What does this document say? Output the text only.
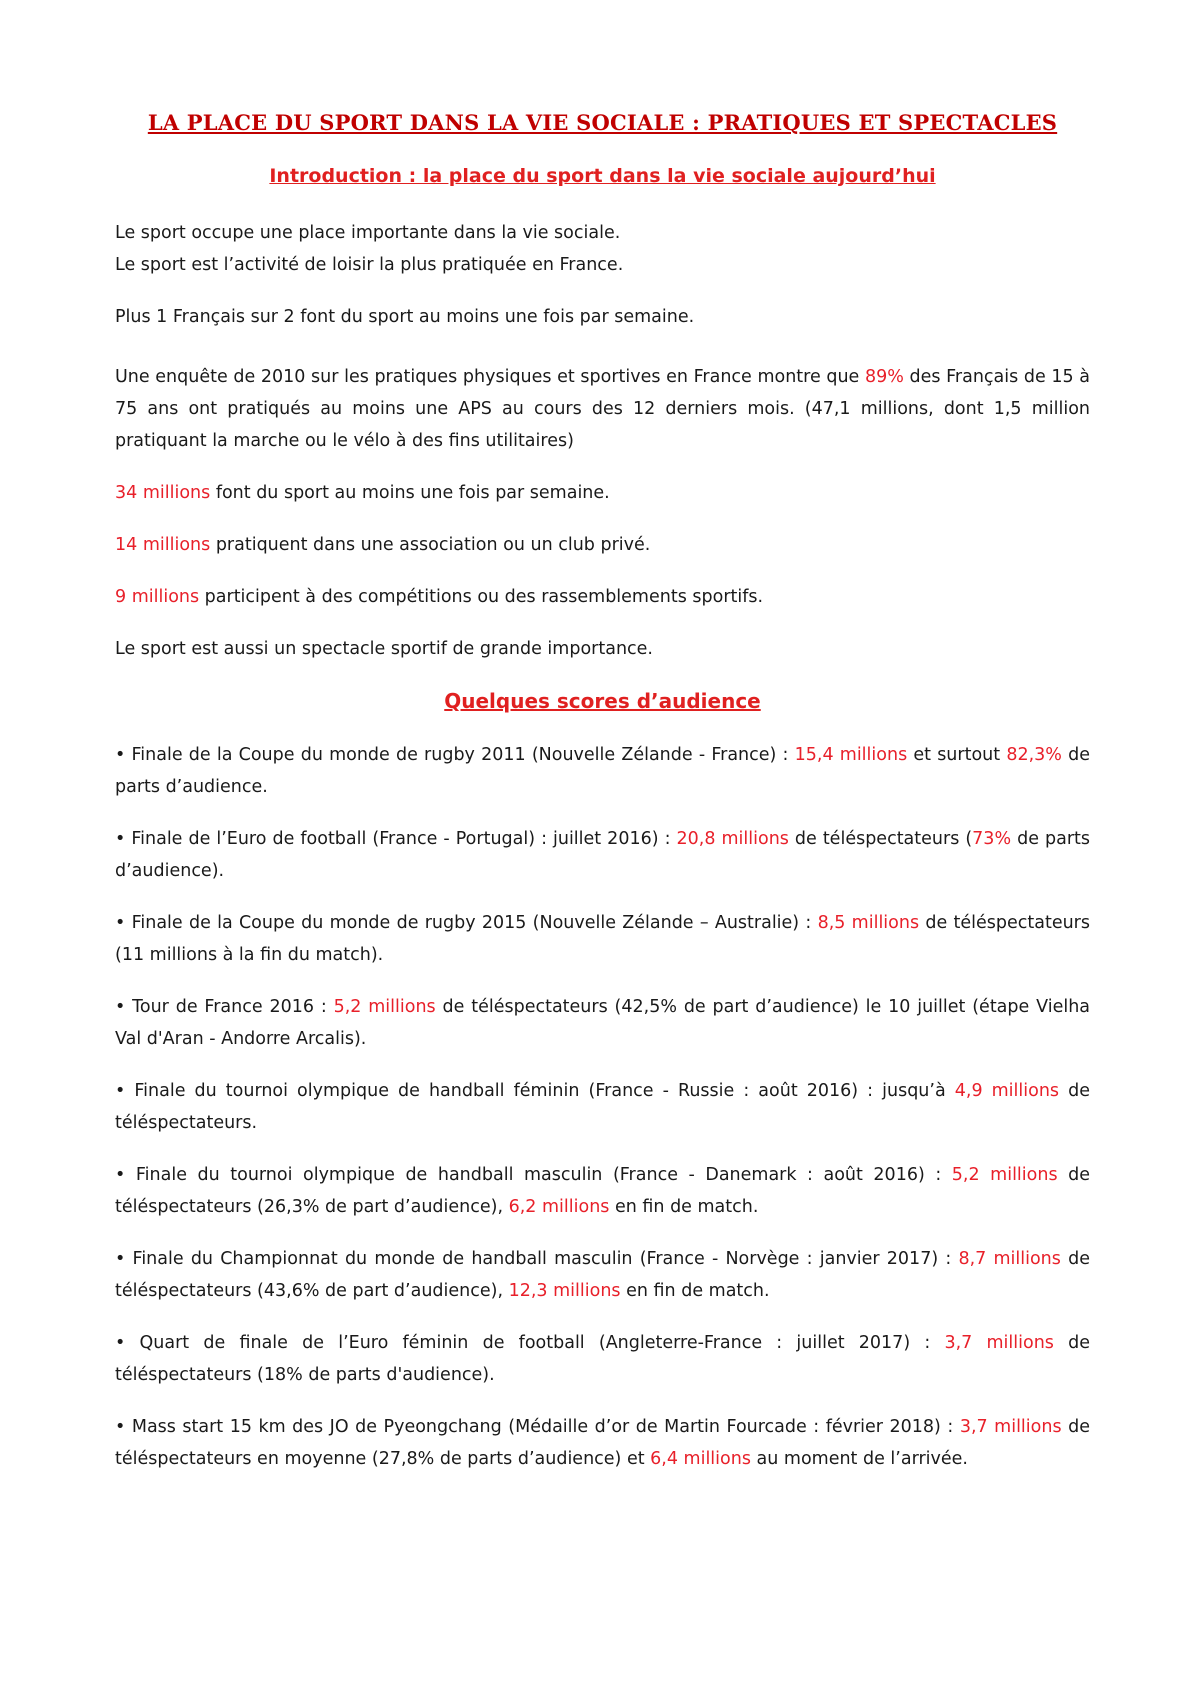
LA PLACE DU SPORT DANS LA VIE SOCIALE : PRATIQUES ET SPECTACLES
Introduction : la place du sport dans la vie sociale aujourd’hui

Le sport occupe une place importante dans la vie sociale.

Le sport est l’activité de loisir la plus pratiquée en France.

Plus 1 Français sur 2 font du sport au moins une fois par semaine.

Une enquête de 2010 sur les pratiques physiques et sportives en France montre que 89% des Français de 15 à 75 ans ont pratiqués au moins une APS au cours des 12 derniers mois. (47,1 millions, dont 1,5 million pratiquant la marche ou le vélo à des fins utilitaires)

34 millions font du sport au moins une fois par semaine.

14 millions pratiquent dans une association ou un club privé.

9 millions participent à des compétitions ou des rassemblements sportifs.

Le sport est aussi un spectacle sportif de grande importance.

Quelques scores d’audience

• Finale de la Coupe du monde de rugby 2011 (Nouvelle Zélande - France) : 15,4 millions et surtout 82,3% de parts d’audience.

• Finale de l’Euro de football (France - Portugal) : juillet 2016) : 20,8 millions de téléspectateurs (73% de parts d’audience).

• Finale de la Coupe du monde de rugby 2015 (Nouvelle Zélande – Australie) : 8,5 millions de téléspectateurs (11 millions à la fin du match).

• Tour de France 2016 : 5,2 millions de téléspectateurs (42,5% de part d’audience) le 10 juillet (étape Vielha Val d'Aran - Andorre Arcalis).

• Finale du tournoi olympique de handball féminin (France - Russie : août 2016) : jusqu’à 4,9 millions de téléspectateurs.

• Finale du tournoi olympique de handball masculin (France - Danemark : août 2016) : 5,2 millions de téléspectateurs (26,3% de part d’audience), 6,2 millions en fin de match.

• Finale du Championnat du monde de handball masculin (France - Norvège : janvier 2017) : 8,7 millions de téléspectateurs (43,6% de part d’audience), 12,3 millions en fin de match.

• Quart de finale de l’Euro féminin de football (Angleterre-France : juillet 2017) : 3,7 millions de téléspectateurs (18% de parts d'audience).

• Mass start 15 km des JO de Pyeongchang (Médaille d’or de Martin Fourcade : février 2018) : 3,7 millions de téléspectateurs en moyenne (27,8% de parts d’audience) et 6,4 millions au moment de l’arrivée.
